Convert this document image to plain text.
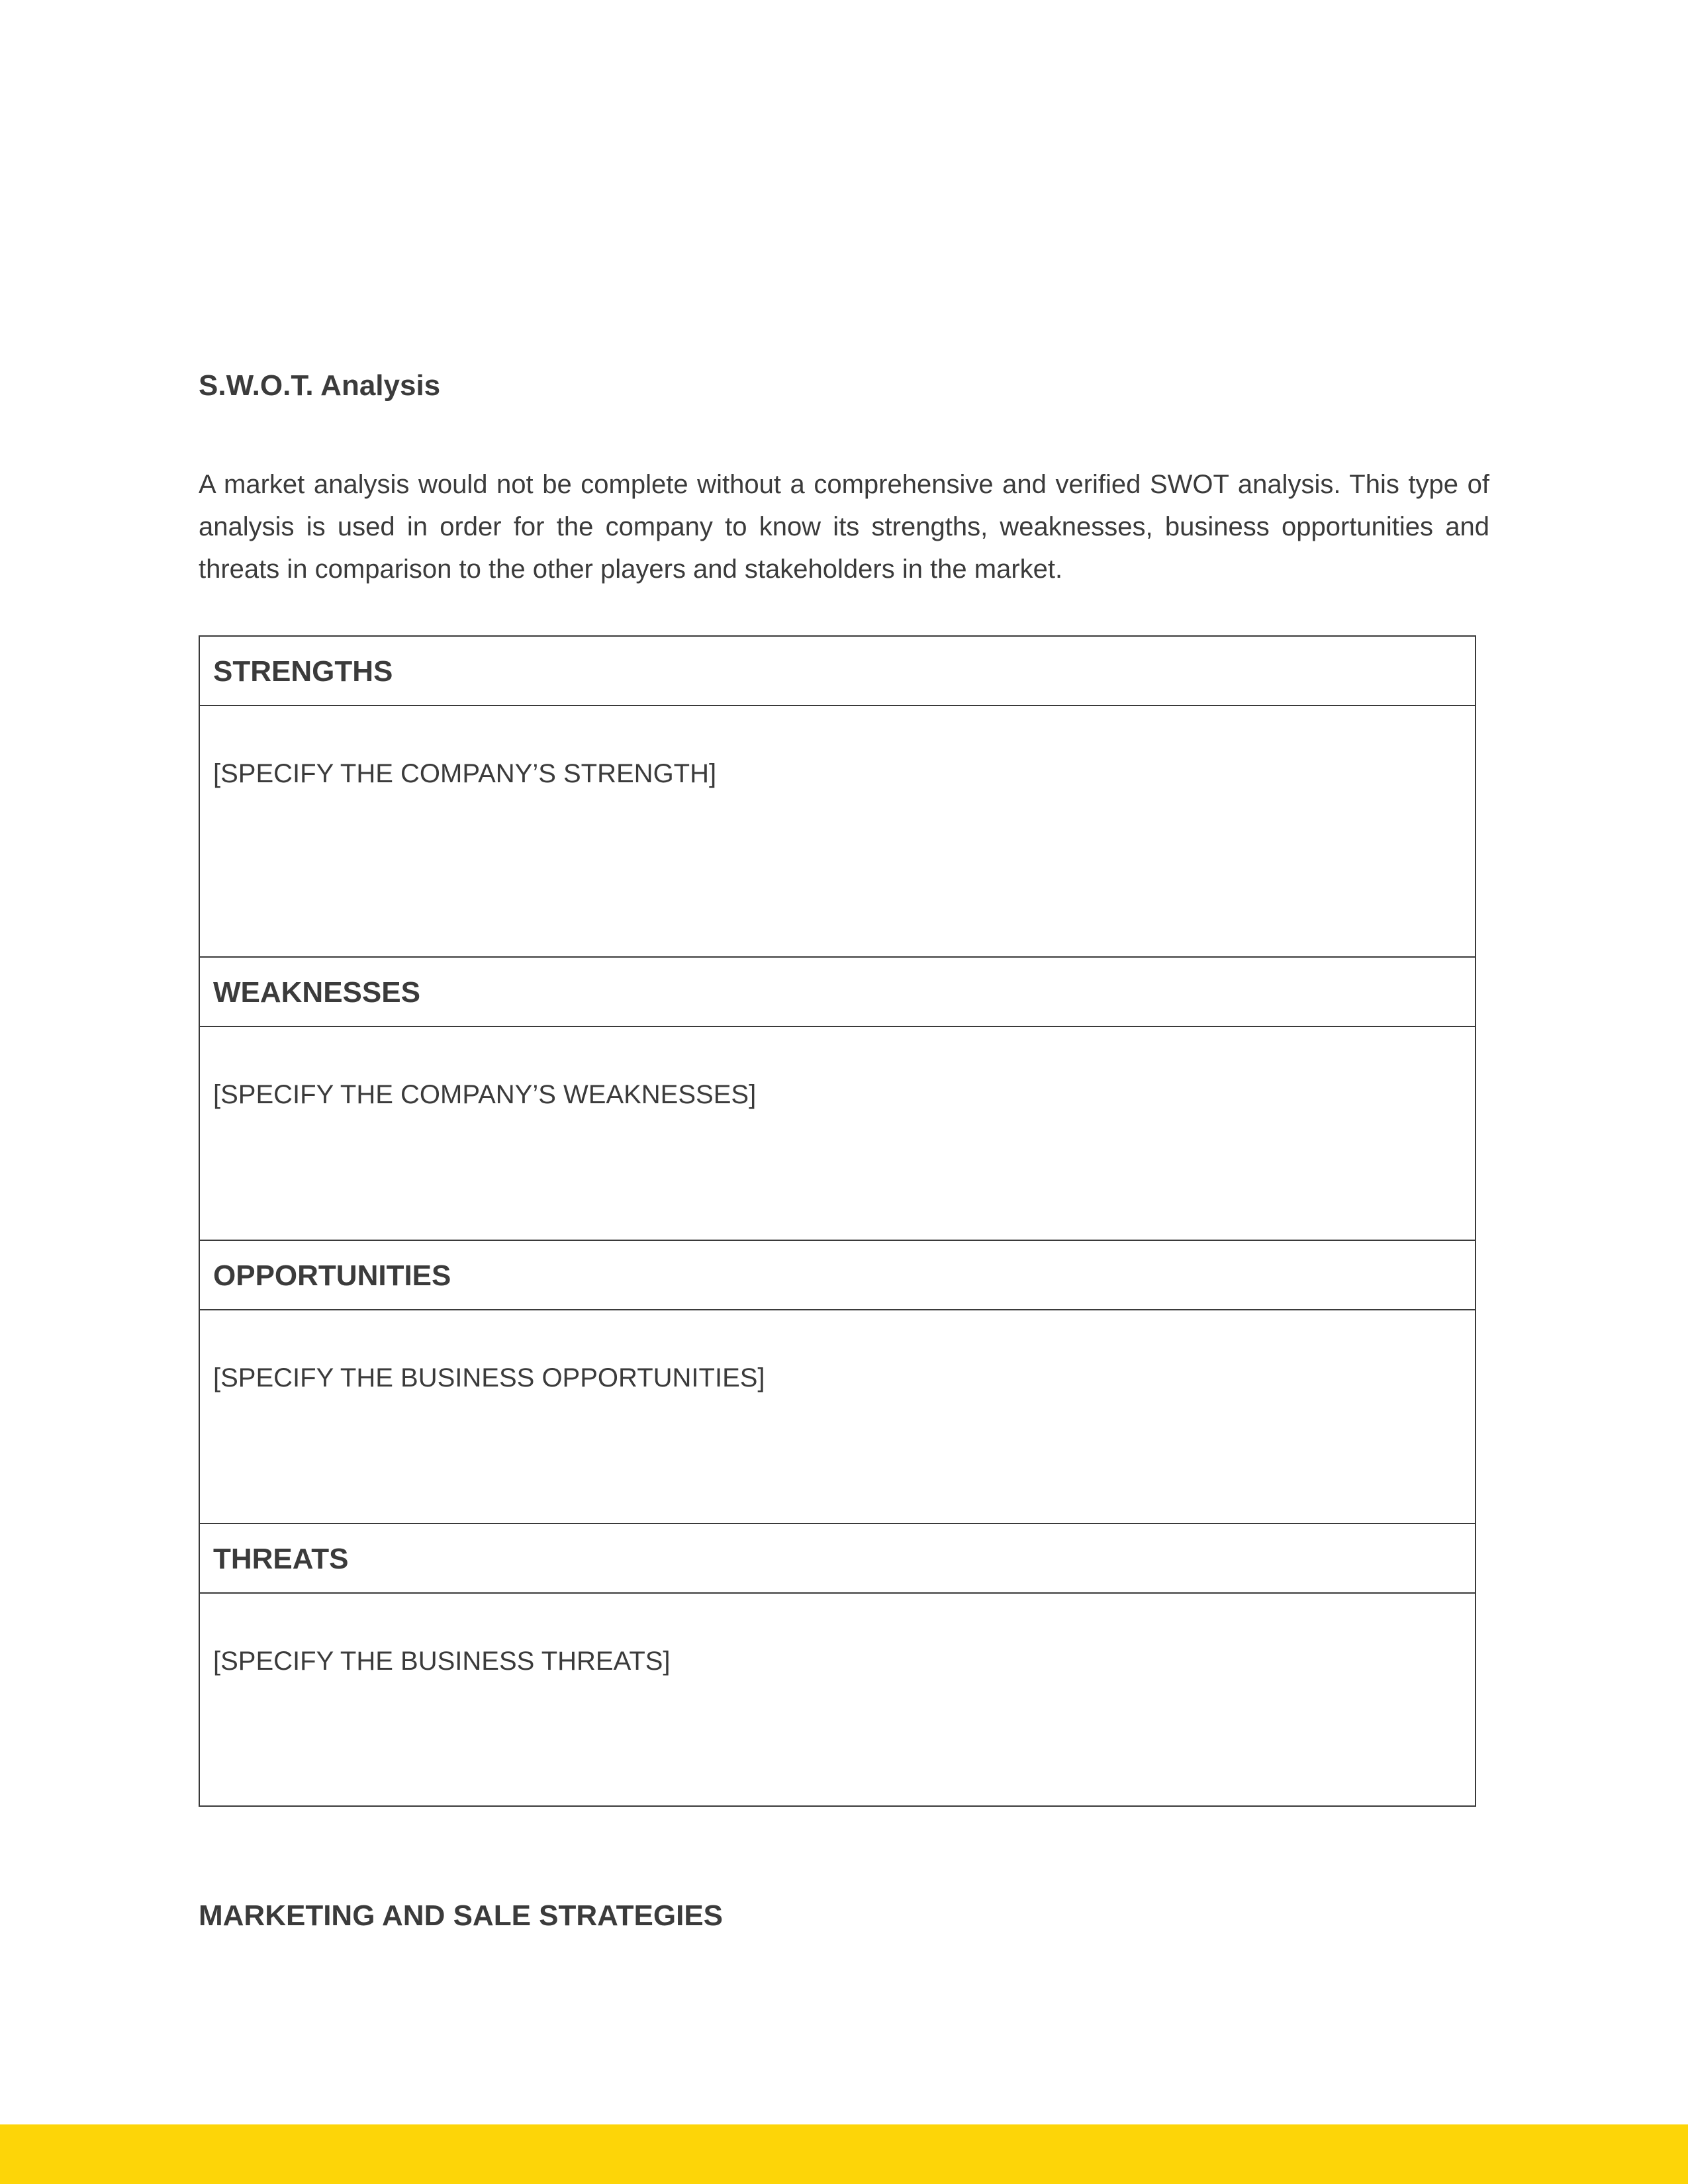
S.W.O.T. Analysis

A market analysis would not be complete without a comprehensive and verified SWOT analysis. This type of analysis is used in order for the company to know its strengths, weaknesses, business opportunities and threats in comparison to the other players and stakeholders in the market.

STRENGTHS
[SPECIFY THE COMPANY’S STRENGTH]
WEAKNESSES
[SPECIFY THE COMPANY’S WEAKNESSES]
OPPORTUNITIES
[SPECIFY THE BUSINESS OPPORTUNITIES]
THREATS
[SPECIFY THE BUSINESS THREATS]
MARKETING AND SALE STRATEGIES
